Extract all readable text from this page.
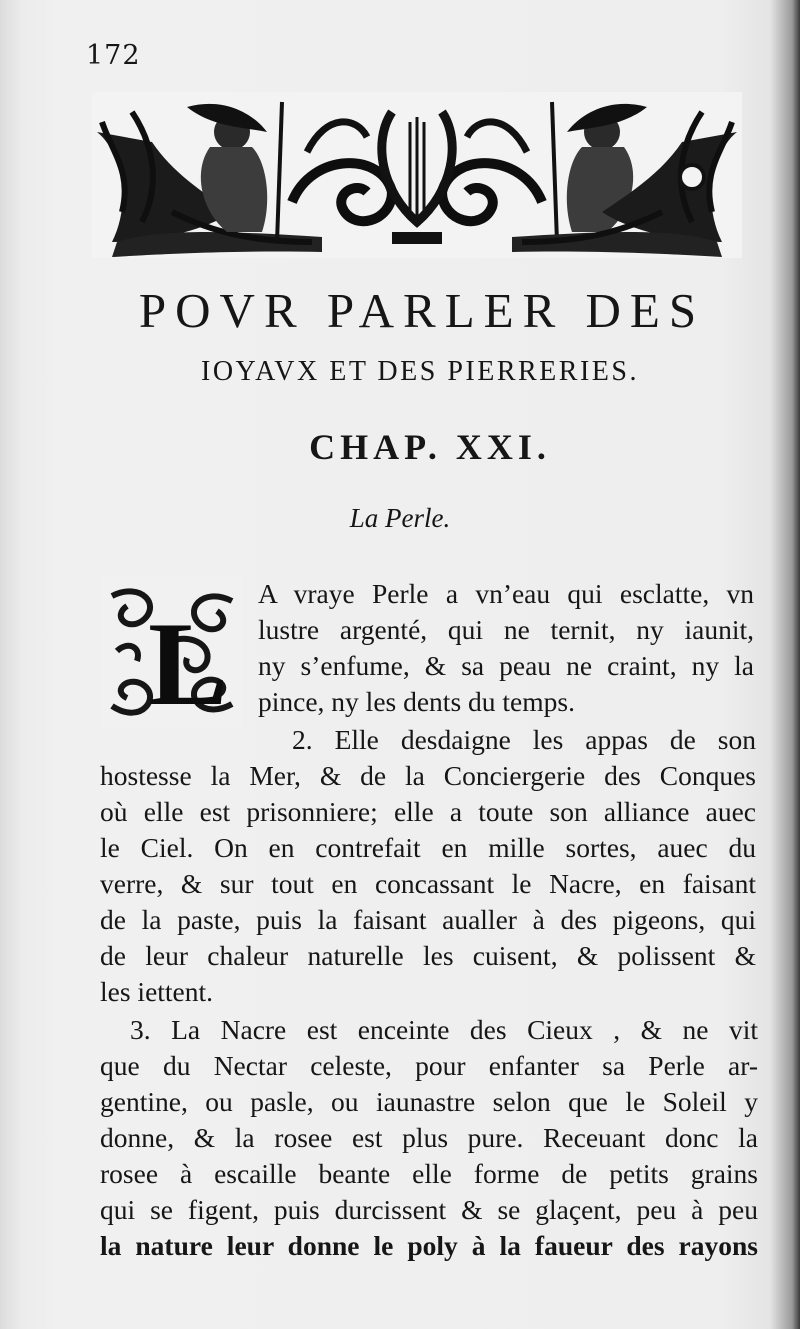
172
POVR PARLER DES
IOYAVX ET DES PIERRERIES.
CHAP. XXI.
La Perle.
L
A vraye Perle a vn’eau qui esclatte, vn
lustre argenté, qui ne ternit, ny iaunit,
ny s’enfume, & sa peau ne craint, ny la
pince, ny les dents du temps.
2. Elle desdaigne les appas de son
hostesse la Mer, & de la Conciergerie des Conques
où elle est prisonniere; elle a toute son alliance auec
le Ciel. On en contrefait en mille sortes, auec du
verre, & sur tout en concassant le Nacre, en faisant
de la paste, puis la faisant aualler à des pigeons, qui
de leur chaleur naturelle les cuisent, & polissent &
les iettent.
3. La Nacre est enceinte des Cieux , & ne vit
que du Nectar celeste, pour enfanter sa Perle ar-
gentine, ou pasle, ou iaunastre selon que le Soleil y
donne, & la rosee est plus pure. Receuant donc la
rosee à escaille beante elle forme de petits grains
qui se figent, puis durcissent & se glaçent, peu à peu
la nature leur donne le poly à la faueur des rayons
